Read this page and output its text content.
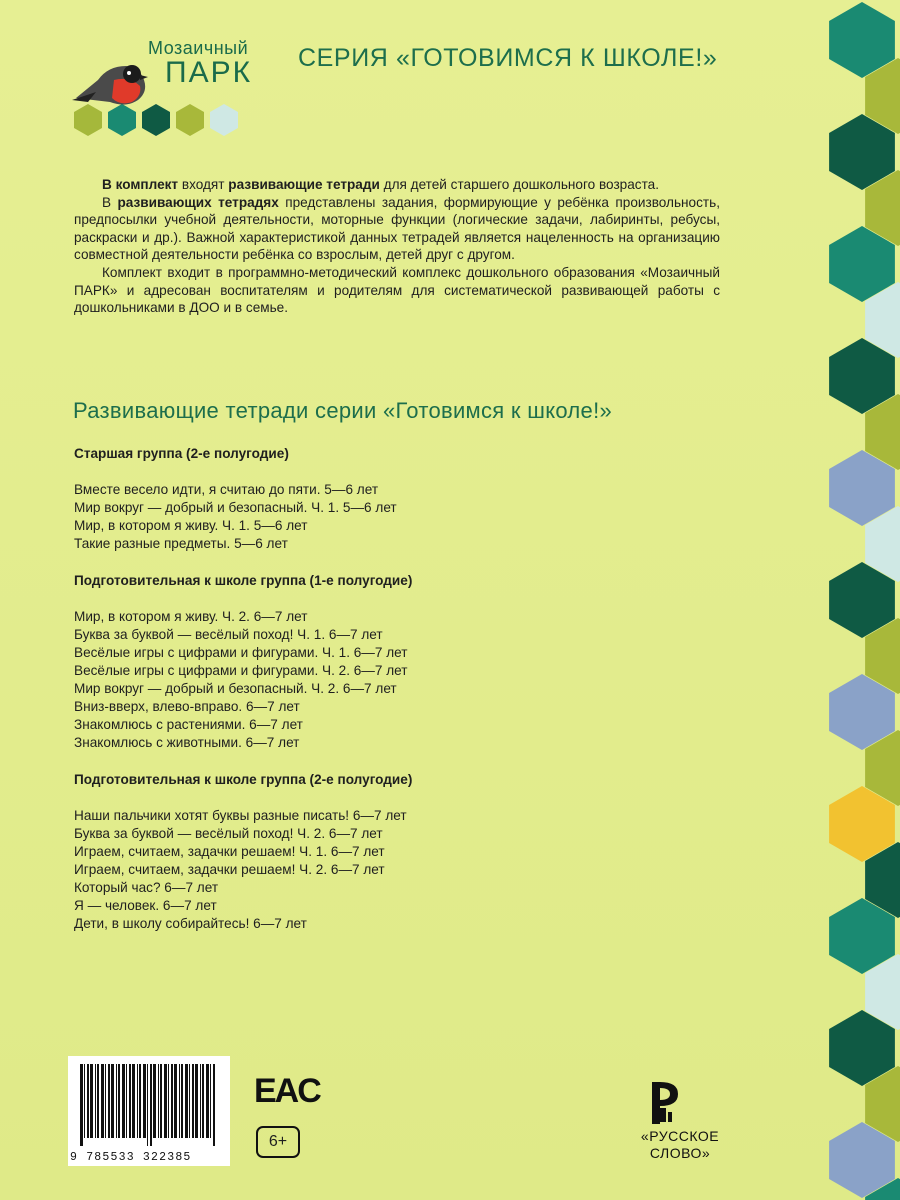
Мозаичный
ПАРК СЕРИЯ «ГОТОВИМСЯ К ШКОЛЕ!»

В комплект входят развивающие тетради для детей старшего дошкольного возраста.

В развивающих тетрадях представлены задания, формирующие у ребёнка произвольность, предпосылки учебной деятельности, моторные функции (логические задачи, лабиринты, ребусы, раскраски и др.). Важной характеристикой данных тетрадей является нацеленность на организацию совместной деятельности ребёнка со взрослым, детей друг с другом.

Комплект входит в программно-методический комплекс дошкольного образования «Мозаичный ПАРК» и адресован воспитателям и родителям для систематической развивающей работы с дошкольниками в ДОО и в семье.

Развивающие тетради серии «Готовимся к школе!»
Старшая группа (2-е полугодие)
Вместе весело идти, я считаю до пяти. 5—6 лет
Мир вокруг — добрый и безопасный. Ч. 1. 5—6 лет
Мир, в котором я живу. Ч. 1. 5—6 лет
Такие разные предметы. 5—6 лет
Подготовительная к школе группа (1-е полугодие)
Мир, в котором я живу. Ч. 2. 6—7 лет
Буква за буквой — весёлый поход! Ч. 1. 6—7 лет
Весёлые игры с цифрами и фигурами. Ч. 1. 6—7 лет
Весёлые игры с цифрами и фигурами. Ч. 2. 6—7 лет
Мир вокруг — добрый и безопасный. Ч. 2. 6—7 лет
Вниз-вверх, влево-вправо. 6—7 лет
Знакомлюсь с растениями. 6—7 лет
Знакомлюсь с животными. 6—7 лет
Подготовительная к школе группа (2-е полугодие)
Наши пальчики хотят буквы разные писать! 6—7 лет
Буква за буквой — весёлый поход! Ч. 2. 6—7 лет
Играем, считаем, задачки решаем! Ч. 1. 6—7 лет
Играем, считаем, задачки решаем! Ч. 2. 6—7 лет
Который час? 6—7 лет
Я — человек. 6—7 лет
Дети, в школу собирайтесь! 6—7 лет
9 785533 322385
EAC
6+	«РУССКОЕ
СЛОВО»
